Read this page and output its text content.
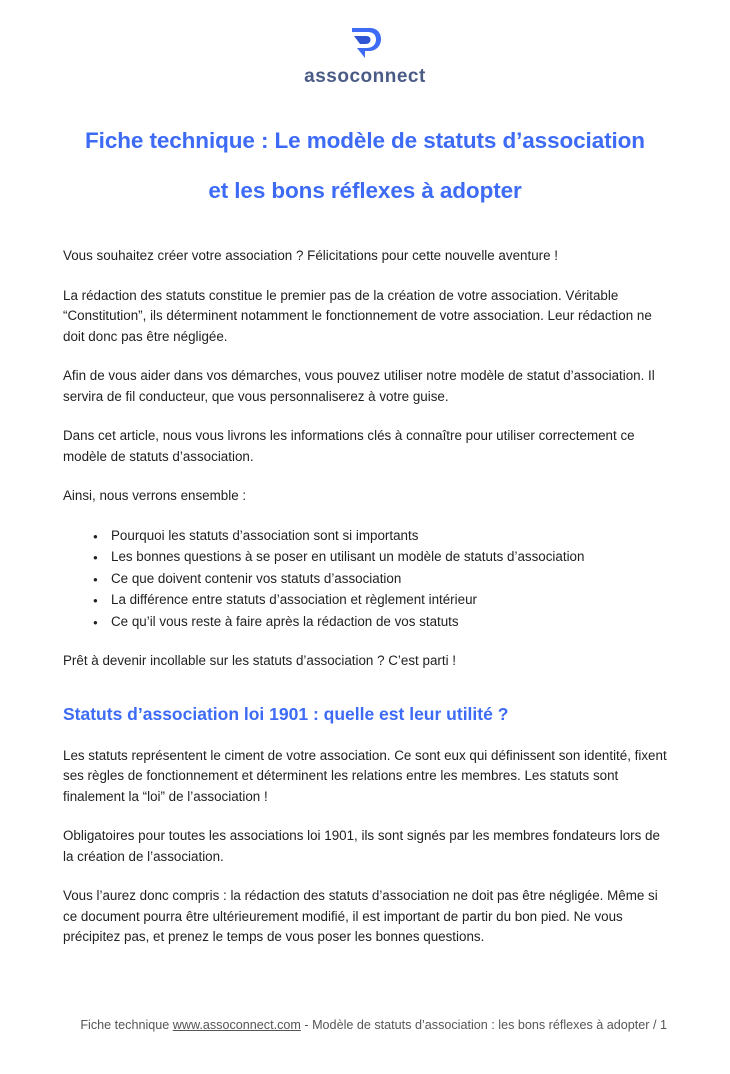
assoconnect
Fiche technique : Le modèle de statuts d’association
et les bons réflexes à adopter

Vous souhaitez créer votre association ? Félicitations pour cette nouvelle aventure !

La rédaction des statuts constitue le premier pas de la création de votre association. Véritable “Constitution”, ils déterminent notamment le fonctionnement de votre association. Leur rédaction ne doit donc pas être négligée.

Afin de vous aider dans vos démarches, vous pouvez utiliser notre modèle de statut d’association. Il servira de fil conducteur, que vous personnaliserez à votre guise.

Dans cet article, nous vous livrons les informations clés à connaître pour utiliser correctement ce modèle de statuts d’association.

Ainsi, nous verrons ensemble :

● Pourquoi les statuts d’association sont si importants
● Les bonnes questions à se poser en utilisant un modèle de statuts d’association
● Ce que doivent contenir vos statuts d’association
● La différence entre statuts d’association et règlement intérieur
● Ce qu’il vous reste à faire après la rédaction de vos statuts

Prêt à devenir incollable sur les statuts d’association ? C’est parti !

Statuts d’association loi 1901 : quelle est leur utilité ?

Les statuts représentent le ciment de votre association. Ce sont eux qui définissent son identité, fixent ses règles de fonctionnement et déterminent les relations entre les membres. Les statuts sont finalement la “loi” de l’association !

Obligatoires pour toutes les associations loi 1901, ils sont signés par les membres fondateurs lors de la création de l’association.

Vous l’aurez donc compris : la rédaction des statuts d’association ne doit pas être négligée. Même si ce document pourra être ultérieurement modifié, il est important de partir du bon pied. Ne vous précipitez pas, et prenez le temps de vous poser les bonnes questions.

Fiche technique www.assoconnect.com - Modèle de statuts d’association : les bons réflexes à adopter / 1
